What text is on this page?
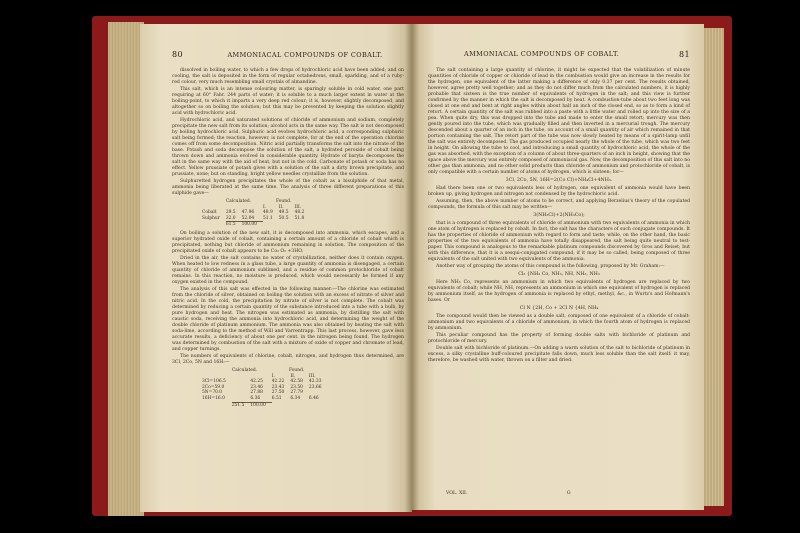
80	AMMONIACAL COMPOUNDS OF COBALT.

dissolved in boiling water, to which a few drops of hydrochloric acid have been added; and on cooling, the salt is deposited in the form of regular octahedrons, small, sparkling, and of a ruby-red colour, very much resembling small crystals of almandine.

This salt, which is an intense colouring matter, is sparingly soluble in cold water, one part requiring at 60° Fahr. 244 parts of water; it is soluble to a much larger extent in water at the boiling-point, to which it imparts a very deep red colour; it is, however, slightly decomposed, and altogether so on boiling the solution; but this may be prevented by keeping the solution slightly acid with hydrochloric acid.

Hydrochloric acid, and saturated solutions of chloride of ammonium and sodium, completely precipitate the new salt from its solution; alcohol acts in the same way. The salt is not decomposed by boiling hydrochloric acid. Sulphuric acid evolves hydrochloric acid, a corresponding sulphuric salt being formed; the reaction, however, is not complete, for at the end of the operation chlorine comes off from some decomposition. Nitric acid partially transforms the salt into the nitrate of the base. Potash and soda decompose the solution of the salt, a hydrated peroxide of cobalt being thrown down and ammonia evolved in considerable quantity. Hydrate of baryta decomposes the salt in the same way with the aid of heat, but not in the cold. Carbonate of potash or soda has no effect. Yellow prussiate of potash gives with a solution of the salt a dirty brown precipitate, and prussiate, none; but on standing, bright yellow needles crystallize from the solution.

Sulphuretted hydrogen precipitates the whole of the cobalt as a bisulphide of that metal, ammonia being liberated at the same time. The analysis of three different preparations of this sulphide gave—

	Calculated.		Found.		
			I.	II.	III.
Cobalt	29.5	47.96	48.9	49.5	48.2
Sulphur	32.0	52.04	51.1	50.5	51.8
	61.5	100.00			

On boiling a solution of the new salt, it is decomposed into ammonia, which escapes, and a superior hydrated oxide of cobalt, containing a certain amount of a chloride of cobalt which is precipitated, nothing but chloride of ammonium remaining in solution. The composition of the precipitated oxide of cobalt appears to be Co₂ O₃ +3HO.

Dried in the air, the salt contains no water of crystallization, neither does it contain oxygen. When heated to low redness in a glass tube, a large quantity of ammonia is disengaged, a certain quantity of chloride of ammonium sublimed, and a residue of common protochloride of cobalt remains. In this reaction, no moisture is produced, which would necessarily be formed if any oxygen existed in the compound.

The analysis of this salt was effected in the following manner:—The chlorine was estimated from the chloride of silver, obtained on boiling the solution with an excess of nitrate of silver and nitric acid. In the cold, the precipitation by nitrate of silver is not complete. The cobalt was determined by reducing a certain quantity of the substance introduced into a tube with a bulb, by pure hydrogen and heat. The nitrogen was estimated as ammonia, by distilling the salt with caustic soda, receiving the ammonia into hydrochloric acid, and determining the weight of the double chloride of platinum ammonium. The ammonia was also obtained by heating the salt with soda-lime, according to the method of Will and Varrentrapp. This last process, however, gave less accurate results, a deficiency of about one per cent. in the nitrogen being found. The hydrogen was determined by combustion of the salt with a mixture of oxide of copper and chromate of lead, and copper turnings.

The numbers of equivalents of chlorine, cobalt, nitrogen, and hydrogen thus determined, are 3Cl, 2Co, 5N and 16H:—

	Calculated.		Found.		
			I.	II.	III.
3Cl=106.5		42.25	42.22	42.58	42.33
2Co=59.0		23.46	23.43	23.50	23.66
5N=70.0		27.88	27.50	27.79	
16H=16.0		6.36	6.51	6.34	6.46
	251.5	100.00			
AMMONIACAL COMPOUNDS OF COBALT.	81

The salt containing a large quantity of chlorine, it might be expected that the volatilization of minute quantities of chloride of copper or chloride of lead in the combustion would give an increase in the results for the hydrogen, one equivalent of the latter making a difference of only 0.37 per cent. The results obtained, however, agree pretty well together; and as they do not differ much from the calculated numbers, it is highly probable that sixteen is the true number of equivalents of hydrogen in the salt; and this view is further confirmed by the manner in which the salt is decomposed by heat. A combustion-tube about two feet long was closed at one end and bent at right angles within about half an inch of the closed end, so as to form a kind of retort. A certain quantity of the salt was rubbed into a paste with a little water and rolled up into the size of a pea. When quite dry, this was dropped into the tube and made to enter the small retort; mercury was then gently poured into the tube, which was gradually filled and then inverted in a mercurial trough. The mercury descended about a quarter of an inch in the tube, on account of a small quantity of air which remained in that portion containing the salt. The retort part of the tube was now slowly heated by means of a spirit-lamp until the salt was entirely decomposed. The gas produced occupied nearly the whole of the tube, which was two feet in height. On allowing the tube to cool, and introducing a small quantity of hydrochloric acid, the whole of the gas was absorbed, with the exception of a column of about three-quarters of an inch in height, showing that the space above the mercury was entirely composed of ammoniacal gas. Now, the decomposition of this salt into no other gas than ammonia, and no other solid products than chloride of ammonium and protochloride of cobalt, is only compatible with a certain number of atoms of hydrogen, which is sixteen; for—

3Cl, 2Co, 5N, 16H=2(Co Cl)+NH₄Cl+4NH₃.

Had there been one or two equivalents less of hydrogen, one equivalent of ammonia would have been broken up, giving hydrogen and nitrogen not condensed by the hydrochloric acid.

Assuming, then, the above number of atoms to be correct, and applying Berzelius's theory of the copulated compounds, the formula of this salt may be written—

3(NH₃Cl)+2(NH₃Co);

that is a compound of three equivalents of chloride of ammonium with two equivalents of ammonia in which one atom of hydrogen is replaced by cobalt. In fact, the salt has the characters of such conjugate compounds. It has the properties of chloride of ammonium with regard to form and taste; while, on the other hand, the basic properties of the two equivalents of ammonia have totally disappeared, the salt being quite neutral to test-paper. This compound is analogous to the remarkable platinum compounds discovered by Gros and Reiset; but with this difference, that it is a sesqui-conjugated compound, if it may be so called, being composed of three equivalents of the salt united with two equivalents of the ammonia.

Another way of grouping the atoms of this compound is the following, proposed by Mr. Graham:—

Cl₃ {NH₃ Co, NH₃, NH, NH₃, NH₃

Here NH₃ Co, represents an ammonium in which two equivalents of hydrogen are replaced by two equivalents of cobalt; while NH, NH, represents an ammonium in which one equivalent of hydrogen is replaced by ammonium itself, as the hydrogen of ammonia is replaced by ethyl, methyl, &c., in Wurtz's and Hofmann's bases. Or

Cl N {2H, Co + 2Cl N {4H, NH₄

The compound would then be viewed as a double salt, composed of one equivalent of a chloride of cobalt-ammonium and two equivalents of a chloride of ammonium, in which the fourth atom of hydrogen is replaced by ammonium.

This peculiar compound has the property of forming double salts with bichloride of platinum and protochloride of mercury.

Double salt with bichloride of platinum.—On adding a warm solution of the salt to bichloride of platinum in excess, a silky crystalline buff-coloured precipitate falls down, much less soluble than the salt itself: it may, therefore, be washed with water, thrown on a filter and dried.

VOL. XII.	G
